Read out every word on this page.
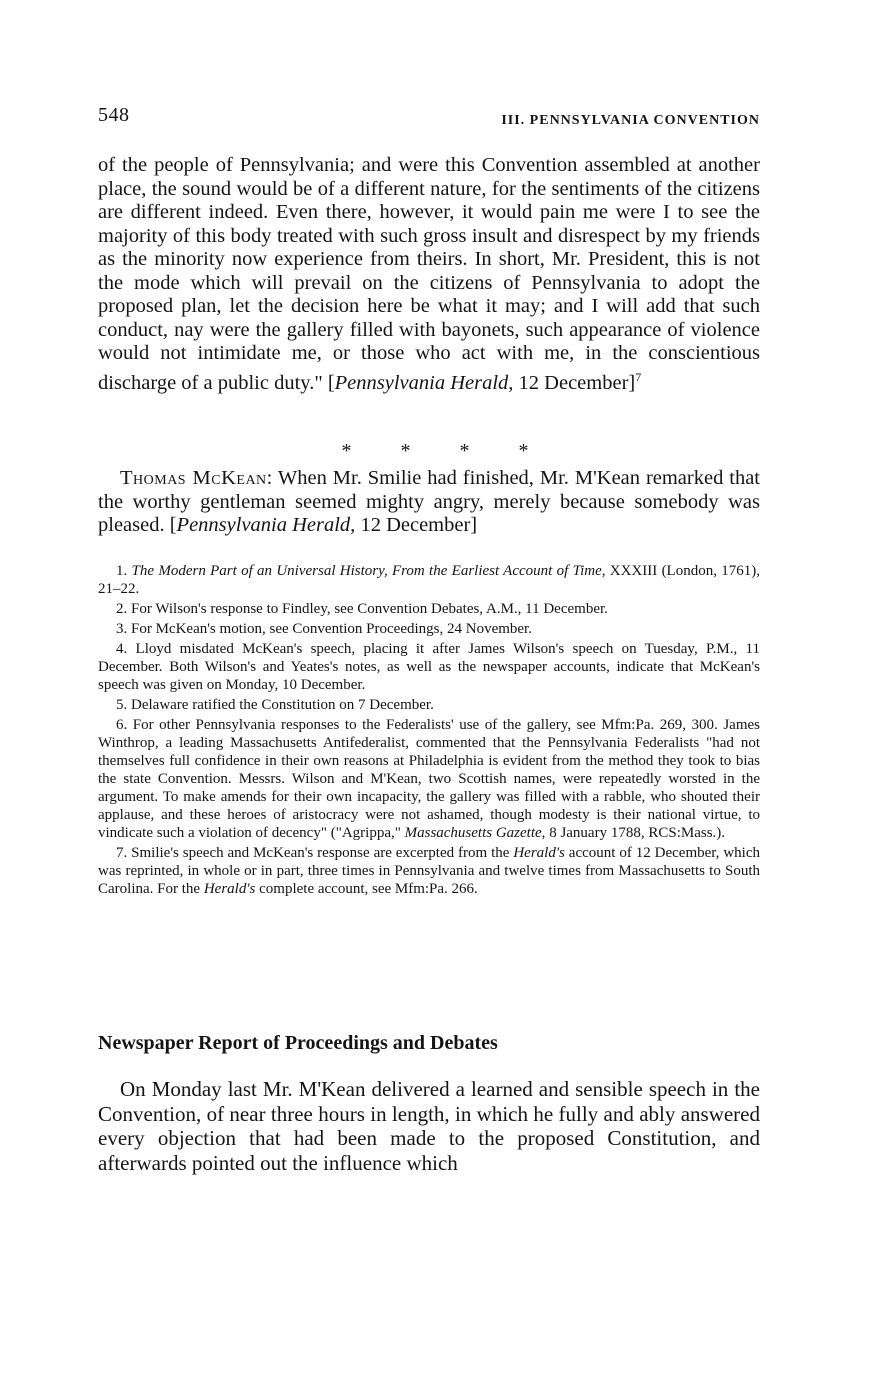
548	III. PENNSYLVANIA CONVENTION

of the people of Pennsylvania; and were this Convention assembled at another place, the sound would be of a different nature, for the sentiments of the citizens are different indeed. Even there, however, it would pain me were I to see the majority of this body treated with such gross insult and disrespect by my friends as the minority now experience from theirs. In short, Mr. President, this is not the mode which will prevail on the citizens of Pennsylvania to adopt the proposed plan, let the decision here be what it may; and I will add that such conduct, nay were the gallery filled with bayonets, such appearance of violence would not intimidate me, or those who act with me, in the conscientious discharge of a public duty." [Pennsylvania Herald, 12 December]$^7$

* * * *

Thomas McKean: When Mr. Smilie had finished, Mr. M'Kean remarked that the worthy gentleman seemed mighty angry, merely because somebody was pleased. [Pennsylvania Herald, 12 December]

1. The Modern Part of an Universal History, From the Earliest Account of Time, XXXIII (London, 1761), 21–22.

2. For Wilson's response to Findley, see Convention Debates, A.M., 11 December.

3. For McKean's motion, see Convention Proceedings, 24 November.

4. Lloyd misdated McKean's speech, placing it after James Wilson's speech on Tuesday, P.M., 11 December. Both Wilson's and Yeates's notes, as well as the newspaper accounts, indicate that McKean's speech was given on Monday, 10 December.

5. Delaware ratified the Constitution on 7 December.

6. For other Pennsylvania responses to the Federalists' use of the gallery, see Mfm:Pa. 269, 300. James Winthrop, a leading Massachusetts Antifederalist, commented that the Pennsylvania Federalists "had not themselves full confidence in their own reasons at Philadelphia is evident from the method they took to bias the state Convention. Messrs. Wilson and M'Kean, two Scottish names, were repeatedly worsted in the argument. To make amends for their own incapacity, the gallery was filled with a rabble, who shouted their applause, and these heroes of aristocracy were not ashamed, though modesty is their national virtue, to vindicate such a violation of decency" ("Agrippa," Massachusetts Gazette, 8 January 1788, RCS:Mass.).

7. Smilie's speech and McKean's response are excerpted from the Herald's account of 12 December, which was reprinted, in whole or in part, three times in Pennsylvania and twelve times from Massachusetts to South Carolina. For the Herald's complete account, see Mfm:Pa. 266.

Newspaper Report of Proceedings and Debates

On Monday last Mr. M'Kean delivered a learned and sensible speech in the Convention, of near three hours in length, in which he fully and ably answered every objection that had been made to the proposed Constitution, and afterwards pointed out the influence which
